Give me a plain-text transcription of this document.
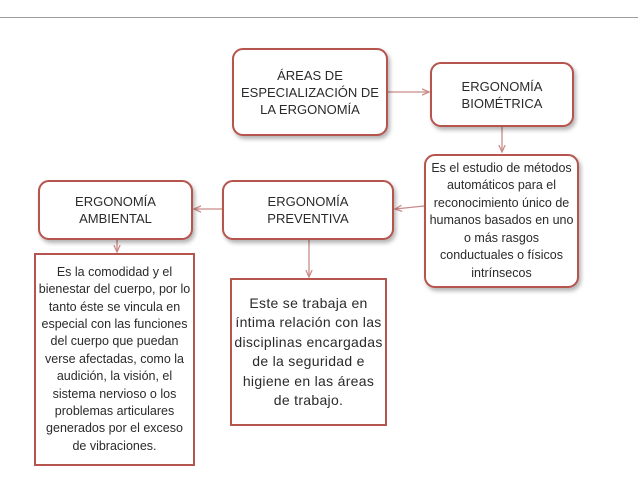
ÁREAS DE ESPECIALIZACIÓN DE LA ERGONOMÍA
ERGONOMÍA BIOMÉTRICA
Es el estudio de métodos automáticos para el reconocimiento único de humanos basados en uno o más rasgos conductuales o físicos intrínsecos
ERGONOMÍA PREVENTIVA
ERGONOMÍA AMBIENTAL
Este se trabaja en íntima relación con las disciplinas encargadas de la seguridad e higiene en las áreas de trabajo.
Es la comodidad y el bienestar del cuerpo, por lo tanto éste se vincula en especial con las funciones del cuerpo que puedan verse afectadas, como la audición, la visión, el sistema nervioso o los problemas articulares generados por el exceso de vibraciones.
